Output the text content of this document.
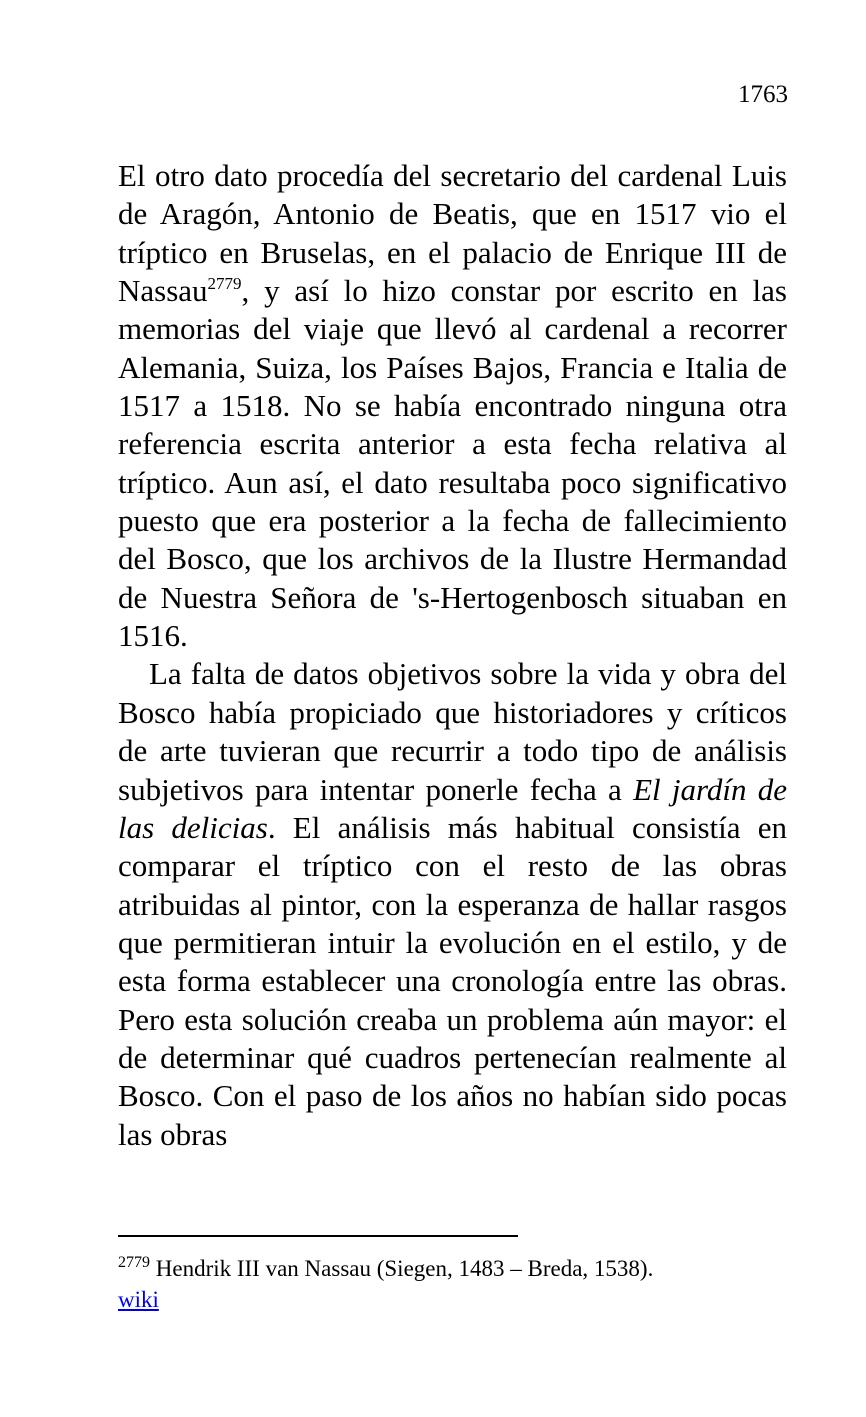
1763

El otro dato procedía del secretario del cardenal Luis de Aragón, Antonio de Beatis, que en 1517 vio el tríptico en Bruselas, en el palacio de Enrique III de Nassau$^{2779}$, y así lo hizo constar por escrito en las memorias del viaje que llevó al cardenal a recorrer Alemania, Suiza, los Países Bajos, Francia e Italia de 1517 a 1518. No se había encontrado ninguna otra referencia escrita anterior a esta fecha relativa al tríptico. Aun así, el dato resultaba poco significativo puesto que era posterior a la fecha de fallecimiento del Bosco, que los archivos de la Ilustre Hermandad de Nuestra Señora de 's-Hertogenbosch situaban en 1516.

La falta de datos objetivos sobre la vida y obra del Bosco había propiciado que historiadores y críticos de arte tuvieran que recurrir a todo tipo de análisis subjetivos para intentar ponerle fecha a El jardín de las delicias. El análisis más habitual consistía en comparar el tríptico con el resto de las obras atribuidas al pintor, con la esperanza de hallar rasgos que permitieran intuir la evolución en el estilo, y de esta forma establecer una cronología entre las obras. Pero esta solución creaba un problema aún mayor: el de determinar qué cuadros pertenecían realmente al Bosco. Con el paso de los años no habían sido pocas las obras

$^{2779}$ Hendrik III van Nassau (Siegen, 1483 – Breda, 1538).
wiki
